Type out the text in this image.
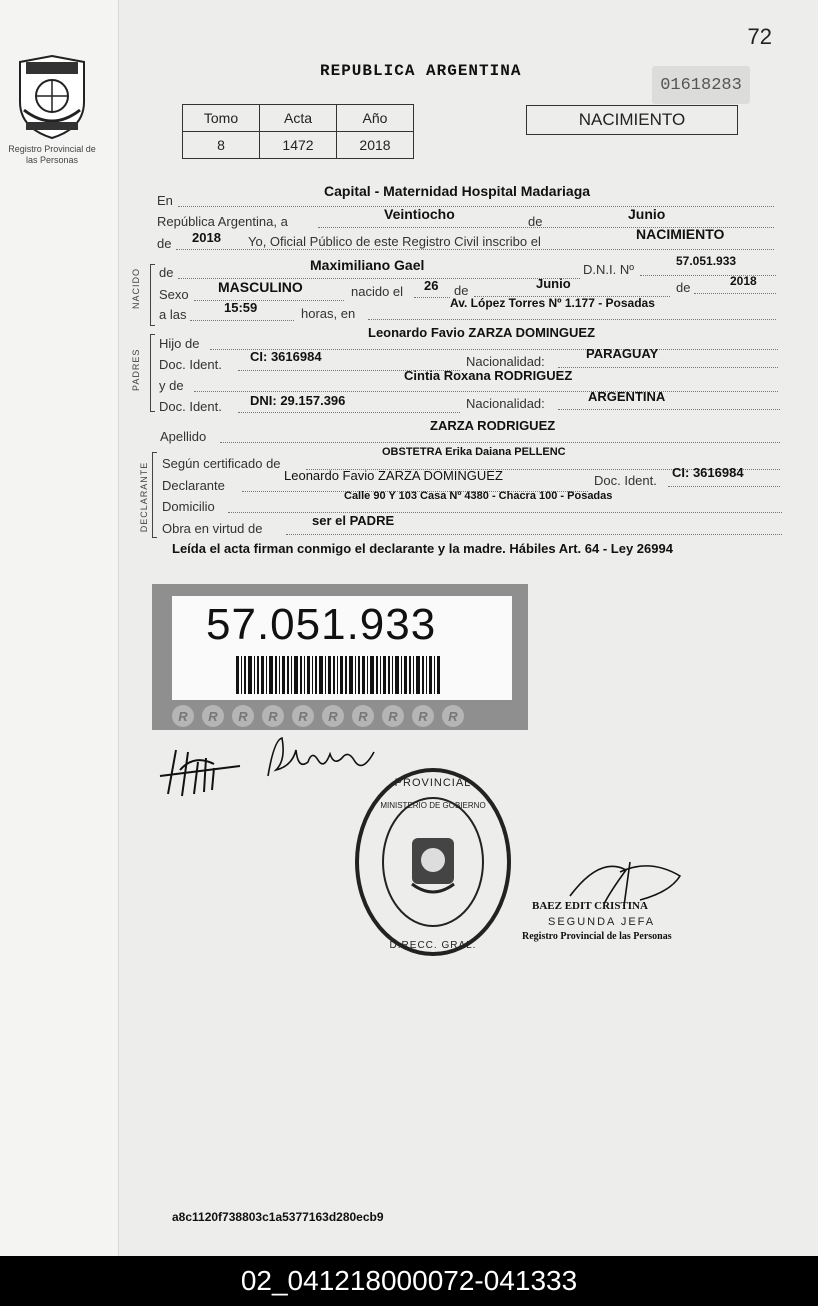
Registro Provincial de las Personas
72
REPUBLICA ARGENTINA
01618283
Tomo	Acta	Año
8	1472	2018
NACIMIENTO
En
Capital - Maternidad Hospital Madariaga
República Argentina, a	Veintiocho	de	Junio
de 2018 Yo, Oficial Público de este Registro Civil inscribo el	NACIMIENTO
NACIDO de	Maximiliano Gael	D.N.I. Nº
57.051.933
Sexo MASCULINO	nacido el 26 de	Junio	de	2018
a las	15:59	horas, en
Av. López Torres Nº 1.177 - Posadas
PADRES
Hijo de
Leonardo Favio ZARZA DOMINGUEZ
Doc. Ident.
CI: 3616984	Nacionalidad:
PARAGUAY
y de
Cintia Roxana RODRIGUEZ
Doc. Ident. DNI: 29.157.396	Nacionalidad:	ARGENTINA
Apellido
ZARZA RODRIGUEZ
DECLARANTE Según certificado de
OBSTETRA Erika Daiana PELLENC
Declarante
Leonardo Favio ZARZA DOMINGUEZ	Doc. Ident.
CI: 3616984
Domicilio
Calle 90 Y 103 Casa Nº 4380 - Chacra 100 - Posadas
Obra en virtud de
ser el PADRE
Leída el acta firman conmigo el declarante y la madre. Hábiles Art. 64 - Ley 26994
57.051.933
R	R	R	R	R	R	R	R	R	R
PROVINCIAL
D.RECC. GRAL.
MINISTERIO DE GOBIERNO
BAEZ EDIT CRISTINA
SEGUNDA JEFA
Registro Provincial de las Personas
a8c1120f738803c1a5377163d280ecb9
02_041218000072-041333
